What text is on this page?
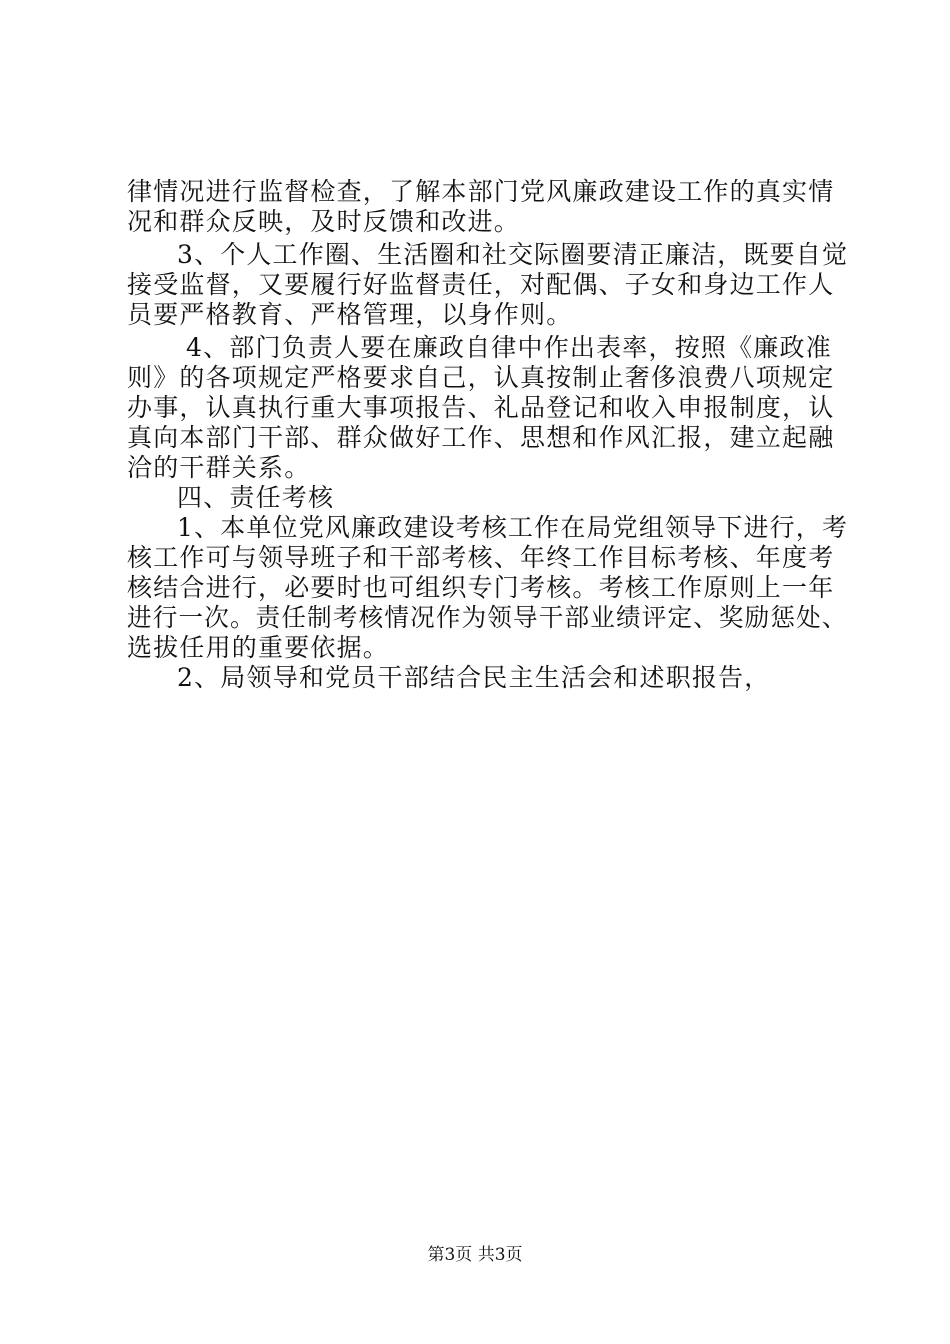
律情况进行监督检查，了解本部门党风廉政建设工作的真实情
况和群众反映，及时反馈和改进。
3、个人工作圈、生活圈和社交际圈要清正廉洁，既要自觉
接受监督，又要履行好监督责任，对配偶、子女和身边工作人
员要严格教育、严格管理，以身作则。
4、部门负责人要在廉政自律中作出表率，按照《廉政准
则》的各项规定严格要求自己，认真按制止奢侈浪费八项规定
办事，认真执行重大事项报告、礼品登记和收入申报制度，认
真向本部门干部、群众做好工作、思想和作风汇报，建立起融
洽的干群关系。
四、责任考核
1、本单位党风廉政建设考核工作在局党组领导下进行，考
核工作可与领导班子和干部考核、年终工作目标考核、年度考
核结合进行，必要时也可组织专门考核。考核工作原则上一年
进行一次。责任制考核情况作为领导干部业绩评定、奖励惩处、
选拔任用的重要依据。
2、局领导和党员干部结合民主生活会和述职报告，
第3页 共3页
